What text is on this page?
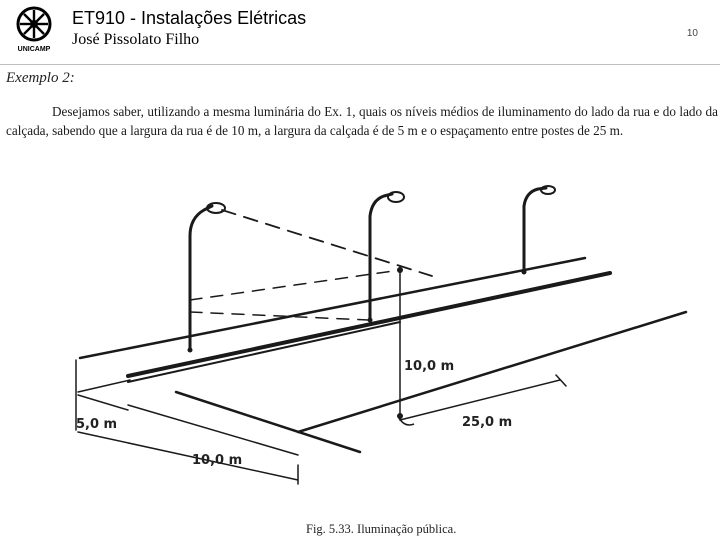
UNICAMP
ET910 - Instalações Elétricas
José Pissolato Filho	10
Exemplo 2:
Desejamos saber, utilizando a mesma luminária do Ex. 1, quais os níveis médios de iluminamento do lado da rua e do lado da calçada, sabendo que a largura da rua é de 10 m, a largura da calçada é de 5 m e o espaçamento entre postes de 25 m.
10,0 m
5,0 m
10,0 m
25,0 m
Fig. 5.33. Iluminação pública.
